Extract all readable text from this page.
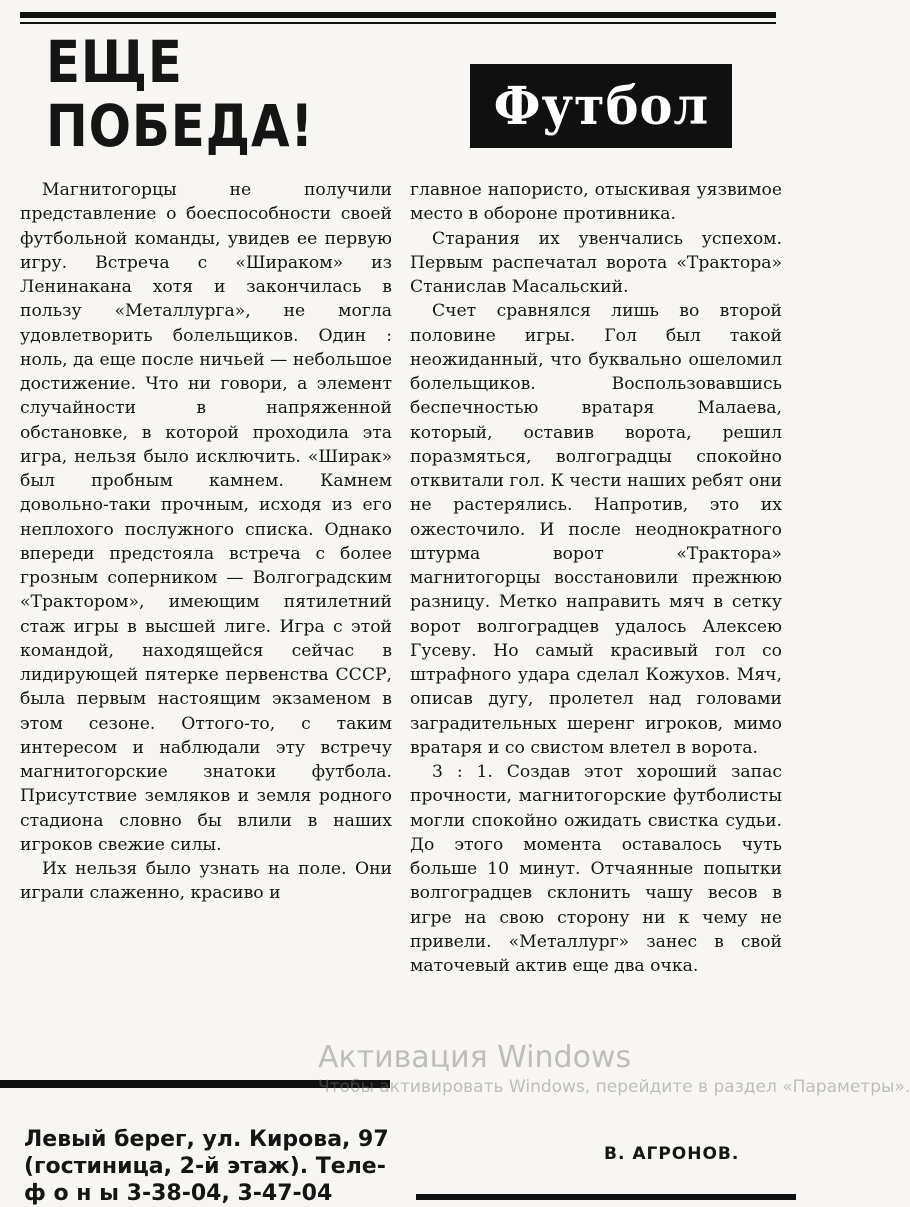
ЕЩЕ
ПОБЕДА!	Футбол

Магнитогорцы не получили представление о боеспособности своей футбольной команды, увидев ее первую игру. Встреча с «Шираком» из Ленинакана хотя и закончилась в пользу «Металлурга», не могла удовлетворить болельщиков. Один : ноль, да еще после ничьей — небольшое достижение. Что ни говори, а элемент случайности в напряженной обстановке, в которой проходила эта игра, нельзя было исключить. «Ширак» был пробным камнем. Камнем довольно-таки прочным, исходя из его неплохого послужного списка. Однако впереди предстояла встреча с более грозным соперником — Волгоградским «Трактором», имеющим пятилетний стаж игры в высшей лиге. Игра с этой командой, находящейся сейчас в лидирующей пятерке первенства СССР, была первым настоящим экзаменом в этом сезоне. Оттого-то, с таким интересом и наблюдали эту встречу магнитогорские знатоки футбола. Присутствие земляков и земля родного стадиона словно бы влили в наших игроков свежие силы.

Их нельзя было узнать на поле. Они играли слаженно, красиво и

главное напористо, отыскивая уязвимое место в обороне противника.

Старания их увенчались успехом. Первым распечатал ворота «Трактора» Станислав Масальский.

Счет сравнялся лишь во второй половине игры. Гол был такой неожиданный, что буквально ошеломил болельщиков. Воспользовавшись беспечностью вратаря Малаева, который, оставив ворота, решил поразмяться, волгоградцы спокойно отквитали гол. К чести наших ребят они не растерялись. Напротив, это их ожесточило. И после неоднократного штурма ворот «Трактора» магнитогорцы восстановили прежнюю разницу. Метко направить мяч в сетку ворот волгоградцев удалось Алексею Гусеву. Но самый красивый гол со штрафного удара сделал Кожухов. Мяч, описав дугу, пролетел над головами заградительных шеренг игроков, мимо вратаря и со свистом влетел в ворота.

3 : 1. Создав этот хороший запас прочности, магнитогорские футболисты могли спокойно ожидать свистка судьи. До этого момента оставалось чуть больше 10 минут. Отчаянные попытки волгоградцев склонить чашу весов в игре на свою сторону ни к чему не привели. «Металлург» занес в свой маточевый актив еще два очка.

Левый берег, ул. Кирова, 97
(гостиница, 2-й этаж). Теле-
ф о н ы 3-38-04, 3-47-04
В. АГРОНОВ.
Активация Windows
Чтобы активировать Windows, перейдите в раздел «Параметры».
